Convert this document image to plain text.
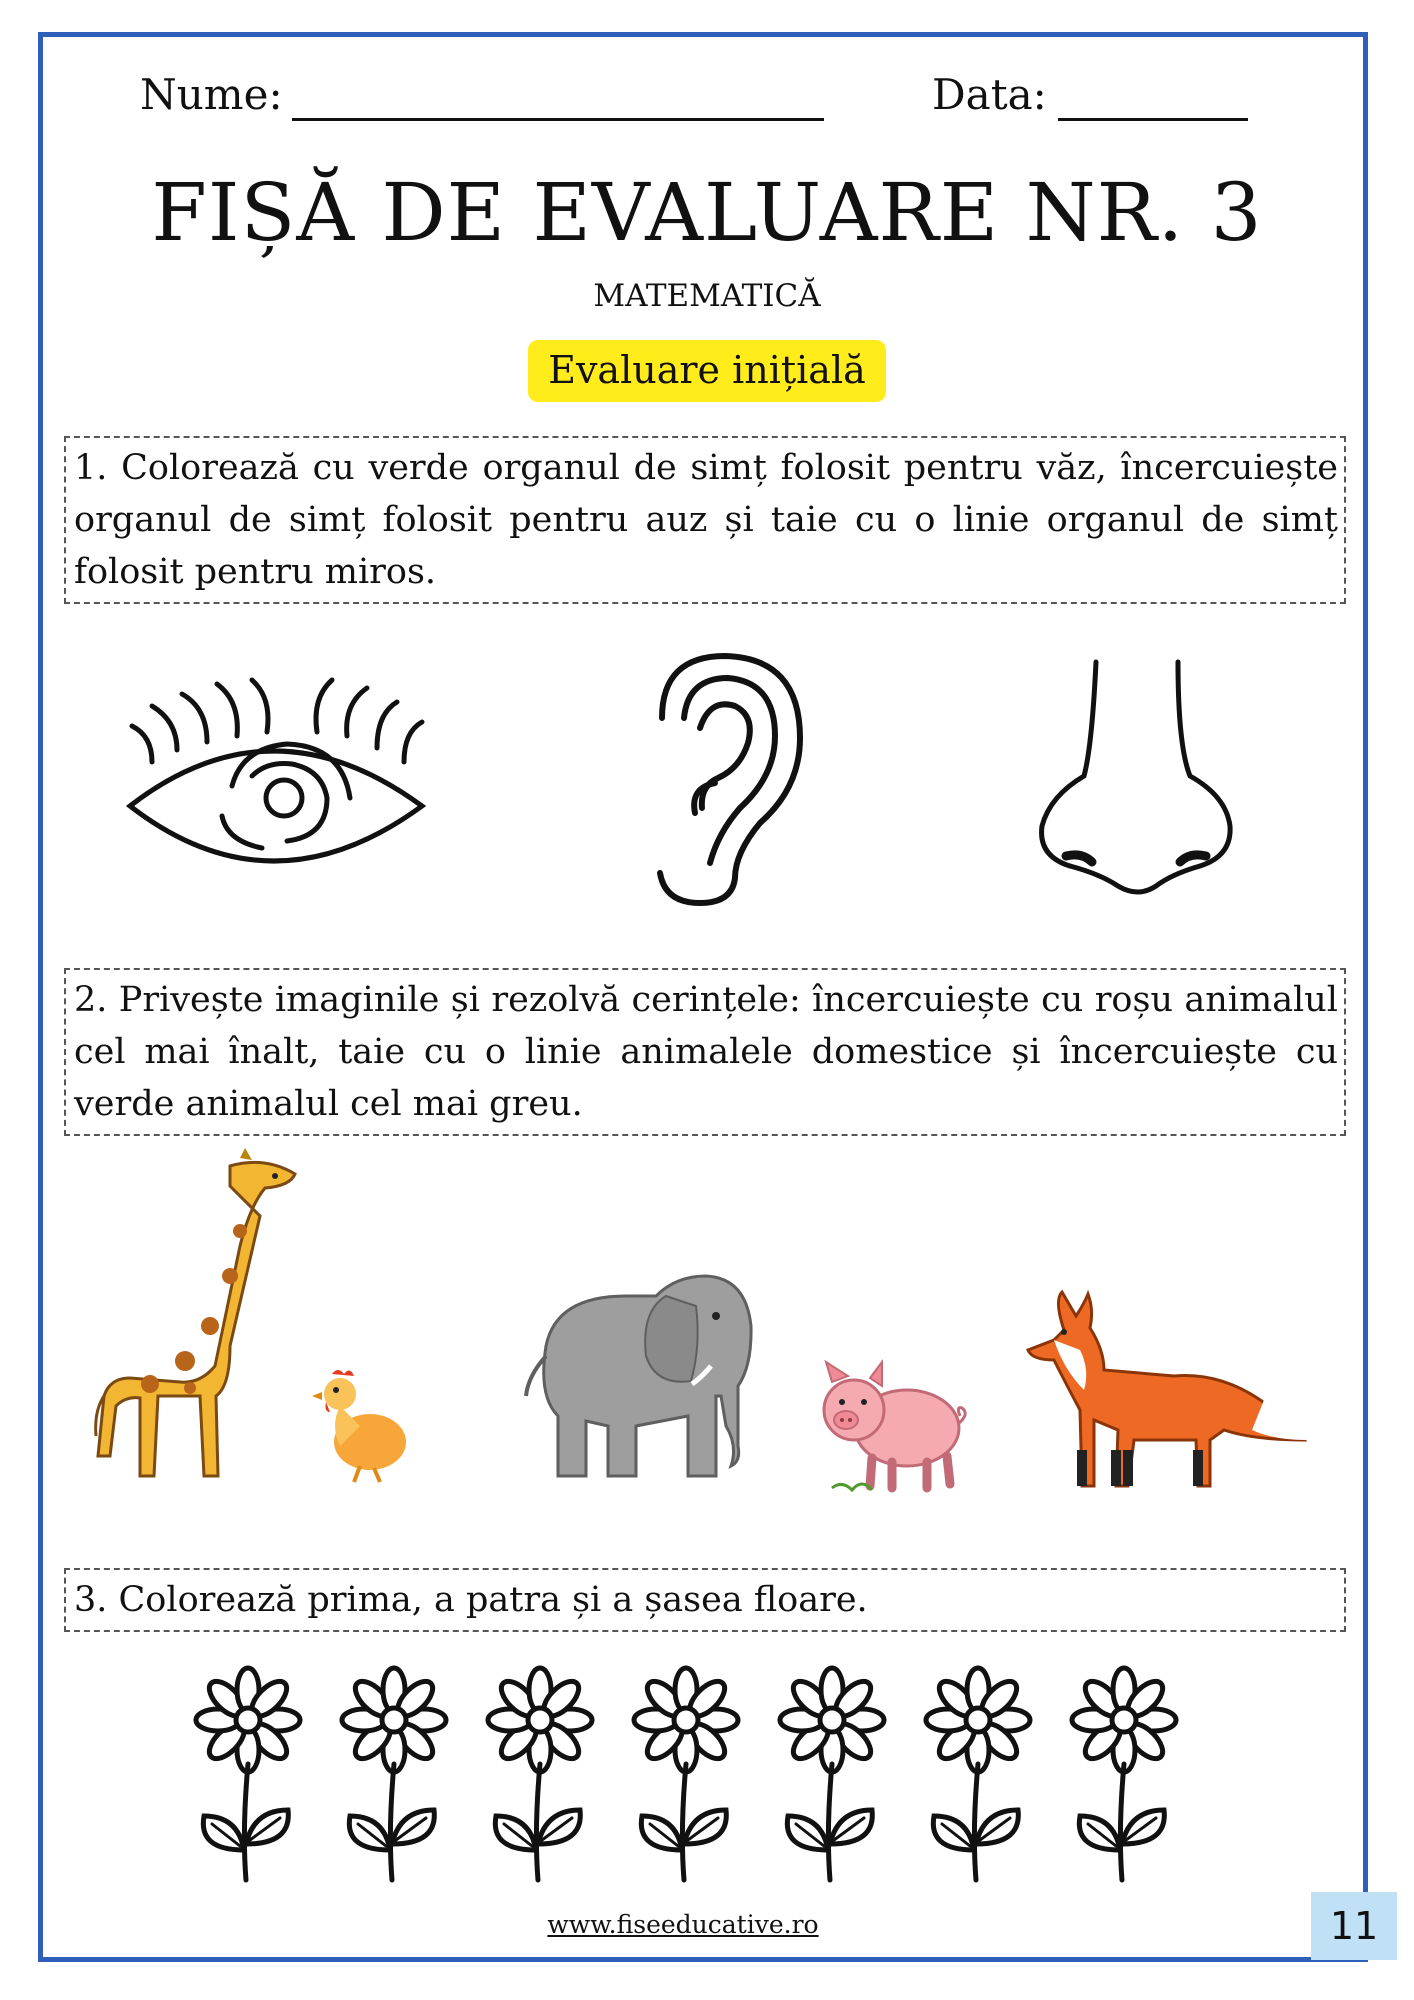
Nume:	Data:
FIȘĂ DE EVALUARE NR. 3
MATEMATICĂ
Evaluare inițială
1. Colorează cu verde organul de simț folosit pentru văz, încercuiește organul de simț folosit pentru auz și taie cu o linie organul de simț folosit pentru miros.
2. Privește imaginile și rezolvă cerințele: încercuiește cu roșu animalul cel mai înalt, taie cu o linie animalele domestice și încercuiește cu verde animalul cel mai greu.
3. Colorează prima, a patra și a șasea floare.
www.fiseeducative.ro	11
